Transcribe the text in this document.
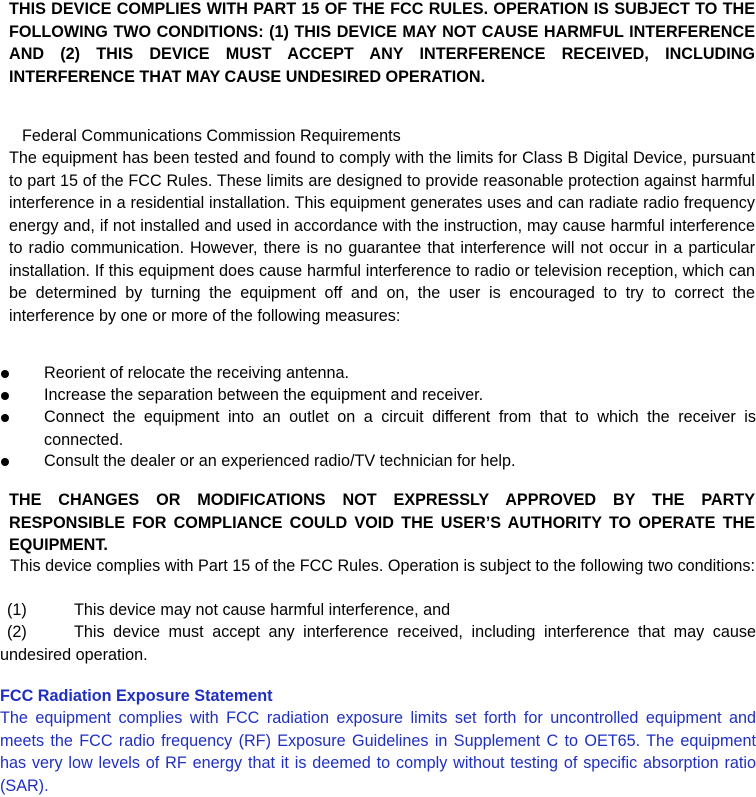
THIS DEVICE COMPLIES WITH PART 15 OF THE FCC RULES. OPERATION IS SUBJECT TO THE FOLLOWING TWO CONDITIONS: (1) THIS DEVICE MAY NOT CAUSE HARMFUL INTERFERENCE AND (2) THIS DEVICE MUST ACCEPT ANY INTERFERENCE RECEIVED, INCLUDING INTERFERENCE THAT MAY CAUSE UNDESIRED OPERATION.
Federal Communications Commission Requirements
The equipment has been tested and found to comply with the limits for Class B Digital Device, pursuant to part 15 of the FCC Rules. These limits are designed to provide reasonable protection against harmful interference in a residential installation. This equipment generates uses and can radiate radio frequency energy and, if not installed and used in accordance with the instruction, may cause harmful interference to radio communication. However, there is no guarantee that interference will not occur in a particular installation. If this equipment does cause harmful interference to radio or television reception, which can be determined by turning the equipment off and on, the user is encouraged to try to correct the interference by one or more of the following measures:
Reorient of relocate the receiving antenna.
Increase the separation between the equipment and receiver.
Connect the equipment into an outlet on a circuit different from that to which the receiver is connected.
Consult the dealer or an experienced radio/TV technician for help.
THE CHANGES OR MODIFICATIONS NOT EXPRESSLY APPROVED BY THE PARTY RESPONSIBLE FOR COMPLIANCE COULD VOID THE USER’S AUTHORITY TO OPERATE THE EQUIPMENT.
This device complies with Part 15 of the FCC Rules. Operation is subject to the following two conditions:
(1)	This device may not cause harmful interference, and
(2)	This device must accept any interference received, including interference that may cause undesired operation.
FCC Radiation Exposure Statement
The equipment complies with FCC radiation exposure limits set forth for uncontrolled equipment and meets the FCC radio frequency (RF) Exposure Guidelines in Supplement C to OET65. The equipment has very low levels of RF energy that it is deemed to comply without testing of specific absorption ratio (SAR).
